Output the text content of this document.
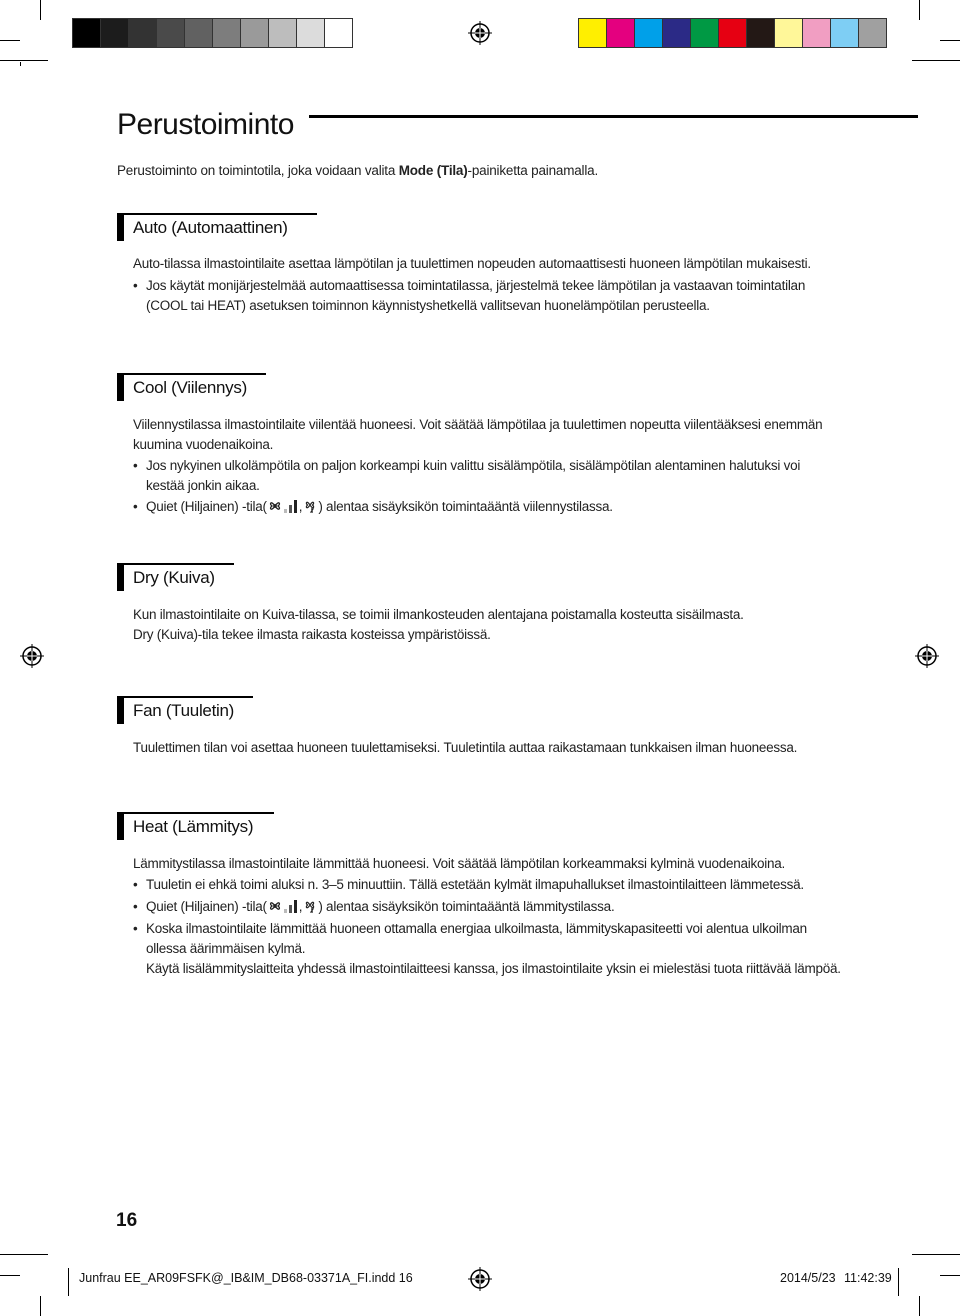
Perustoiminto
Perustoiminto on toimintotila, joka voidaan valita Mode (Tila)-painiketta painamalla.
Auto (Automaattinen)
Auto-tilassa ilmastointilaite asettaa lämpötilan ja tuulettimen nopeuden automaattisesti huoneen lämpötilan mukaisesti.
• Jos käytät monijärjestelmää automaattisessa toimintatilassa, järjestelmä tekee lämpötilan ja vastaavan toimintatilan
(COOL tai HEAT) asetuksen toiminnon käynnistyshetkellä vallitsevan huonelämpötilan perusteella.
Cool (Viilennys)
Viilennystilassa ilmastointilaite viilentää huoneesi. Voit säätää lämpötilaa ja tuulettimen nopeutta viilentääksesi enemmän
kuumina vuodenaikoina.
• Jos nykyinen ulkolämpötila on paljon korkeampi kuin valittu sisälämpötila, sisälämpötilan alentaminen halutuksi voi
kestää jonkin aikaa.
• Quiet (Hiljainen) -tila( , ) alentaa sisäyksikön toimintaääntä viilennystilassa.
Dry (Kuiva)
Kun ilmastointilaite on Kuiva-tilassa, se toimii ilmankosteuden alentajana poistamalla kosteutta sisäilmasta.
Dry (Kuiva)-tila tekee ilmasta raikasta kosteissa ympäristöissä.
Fan (Tuuletin)
Tuulettimen tilan voi asettaa huoneen tuulettamiseksi. Tuuletintila auttaa raikastamaan tunkkaisen ilman huoneessa.
Heat (Lämmitys)
Lämmitystilassa ilmastointilaite lämmittää huoneesi. Voit säätää lämpötilan korkeammaksi kylminä vuodenaikoina.
• Tuuletin ei ehkä toimi aluksi n. 3–5 minuuttiin. Tällä estetään kylmät ilmapuhallukset ilmastointilaitteen lämmetessä.
• Quiet (Hiljainen) -tila( , ) alentaa sisäyksikön toimintaääntä lämmitystilassa.
• Koska ilmastointilaite lämmittää huoneen ottamalla energiaa ulkoilmasta, lämmityskapasiteetti voi alentua ulkoilman
ollessa äärimmäisen kylmä.
Käytä lisälämmityslaitteita yhdessä ilmastointilaitteesi kanssa, jos ilmastointilaite yksin ei mielestäsi tuota riittävää lämpöä.
16
Junfrau EE_AR09FSFK@_IB&IM_DB68-03371A_FI.indd 16	2014/5/23 11:42:39
